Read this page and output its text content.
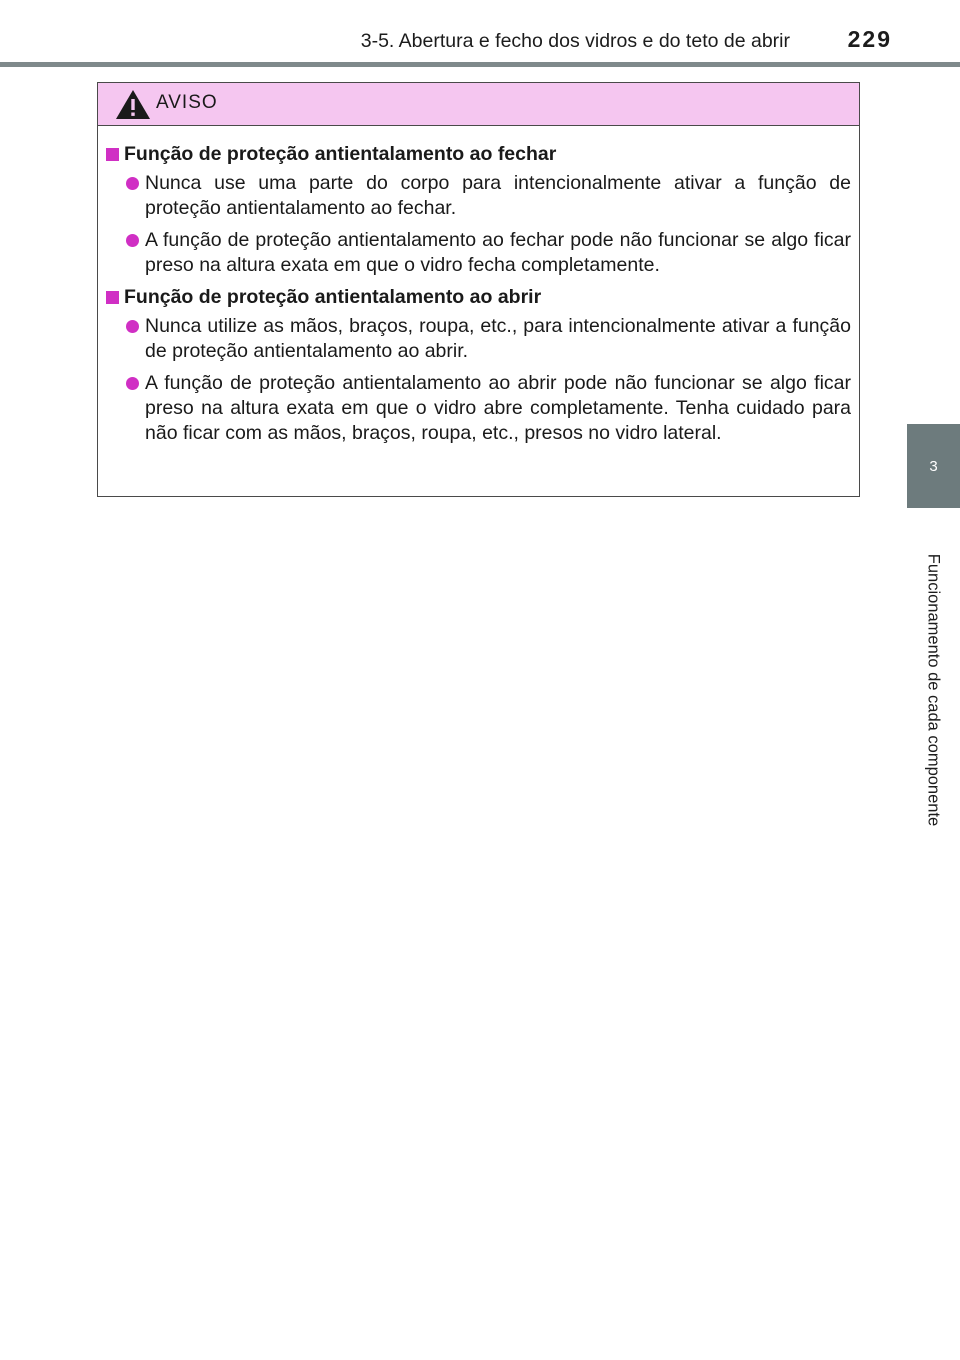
3-5. Abertura e fecho dos vidros e do teto de abrir	229
3
Funcionamento de cada componente
AVISO
Função de proteção antientalamento ao fechar
Nunca use uma parte do corpo para intencionalmente ativar a função de proteção antientalamento ao fechar.
A função de proteção antientalamento ao fechar pode não funcionar se algo ficar preso na altura exata em que o vidro fecha completamente.
Função de proteção antientalamento ao abrir
Nunca utilize as mãos, braços, roupa, etc., para intencionalmente ativar a função de proteção antientalamento ao abrir.
A função de proteção antientalamento ao abrir pode não funcionar se algo ficar preso na altura exata em que o vidro abre completamente. Tenha cuidado para não ficar com as mãos, braços, roupa, etc., presos no vidro lateral.
